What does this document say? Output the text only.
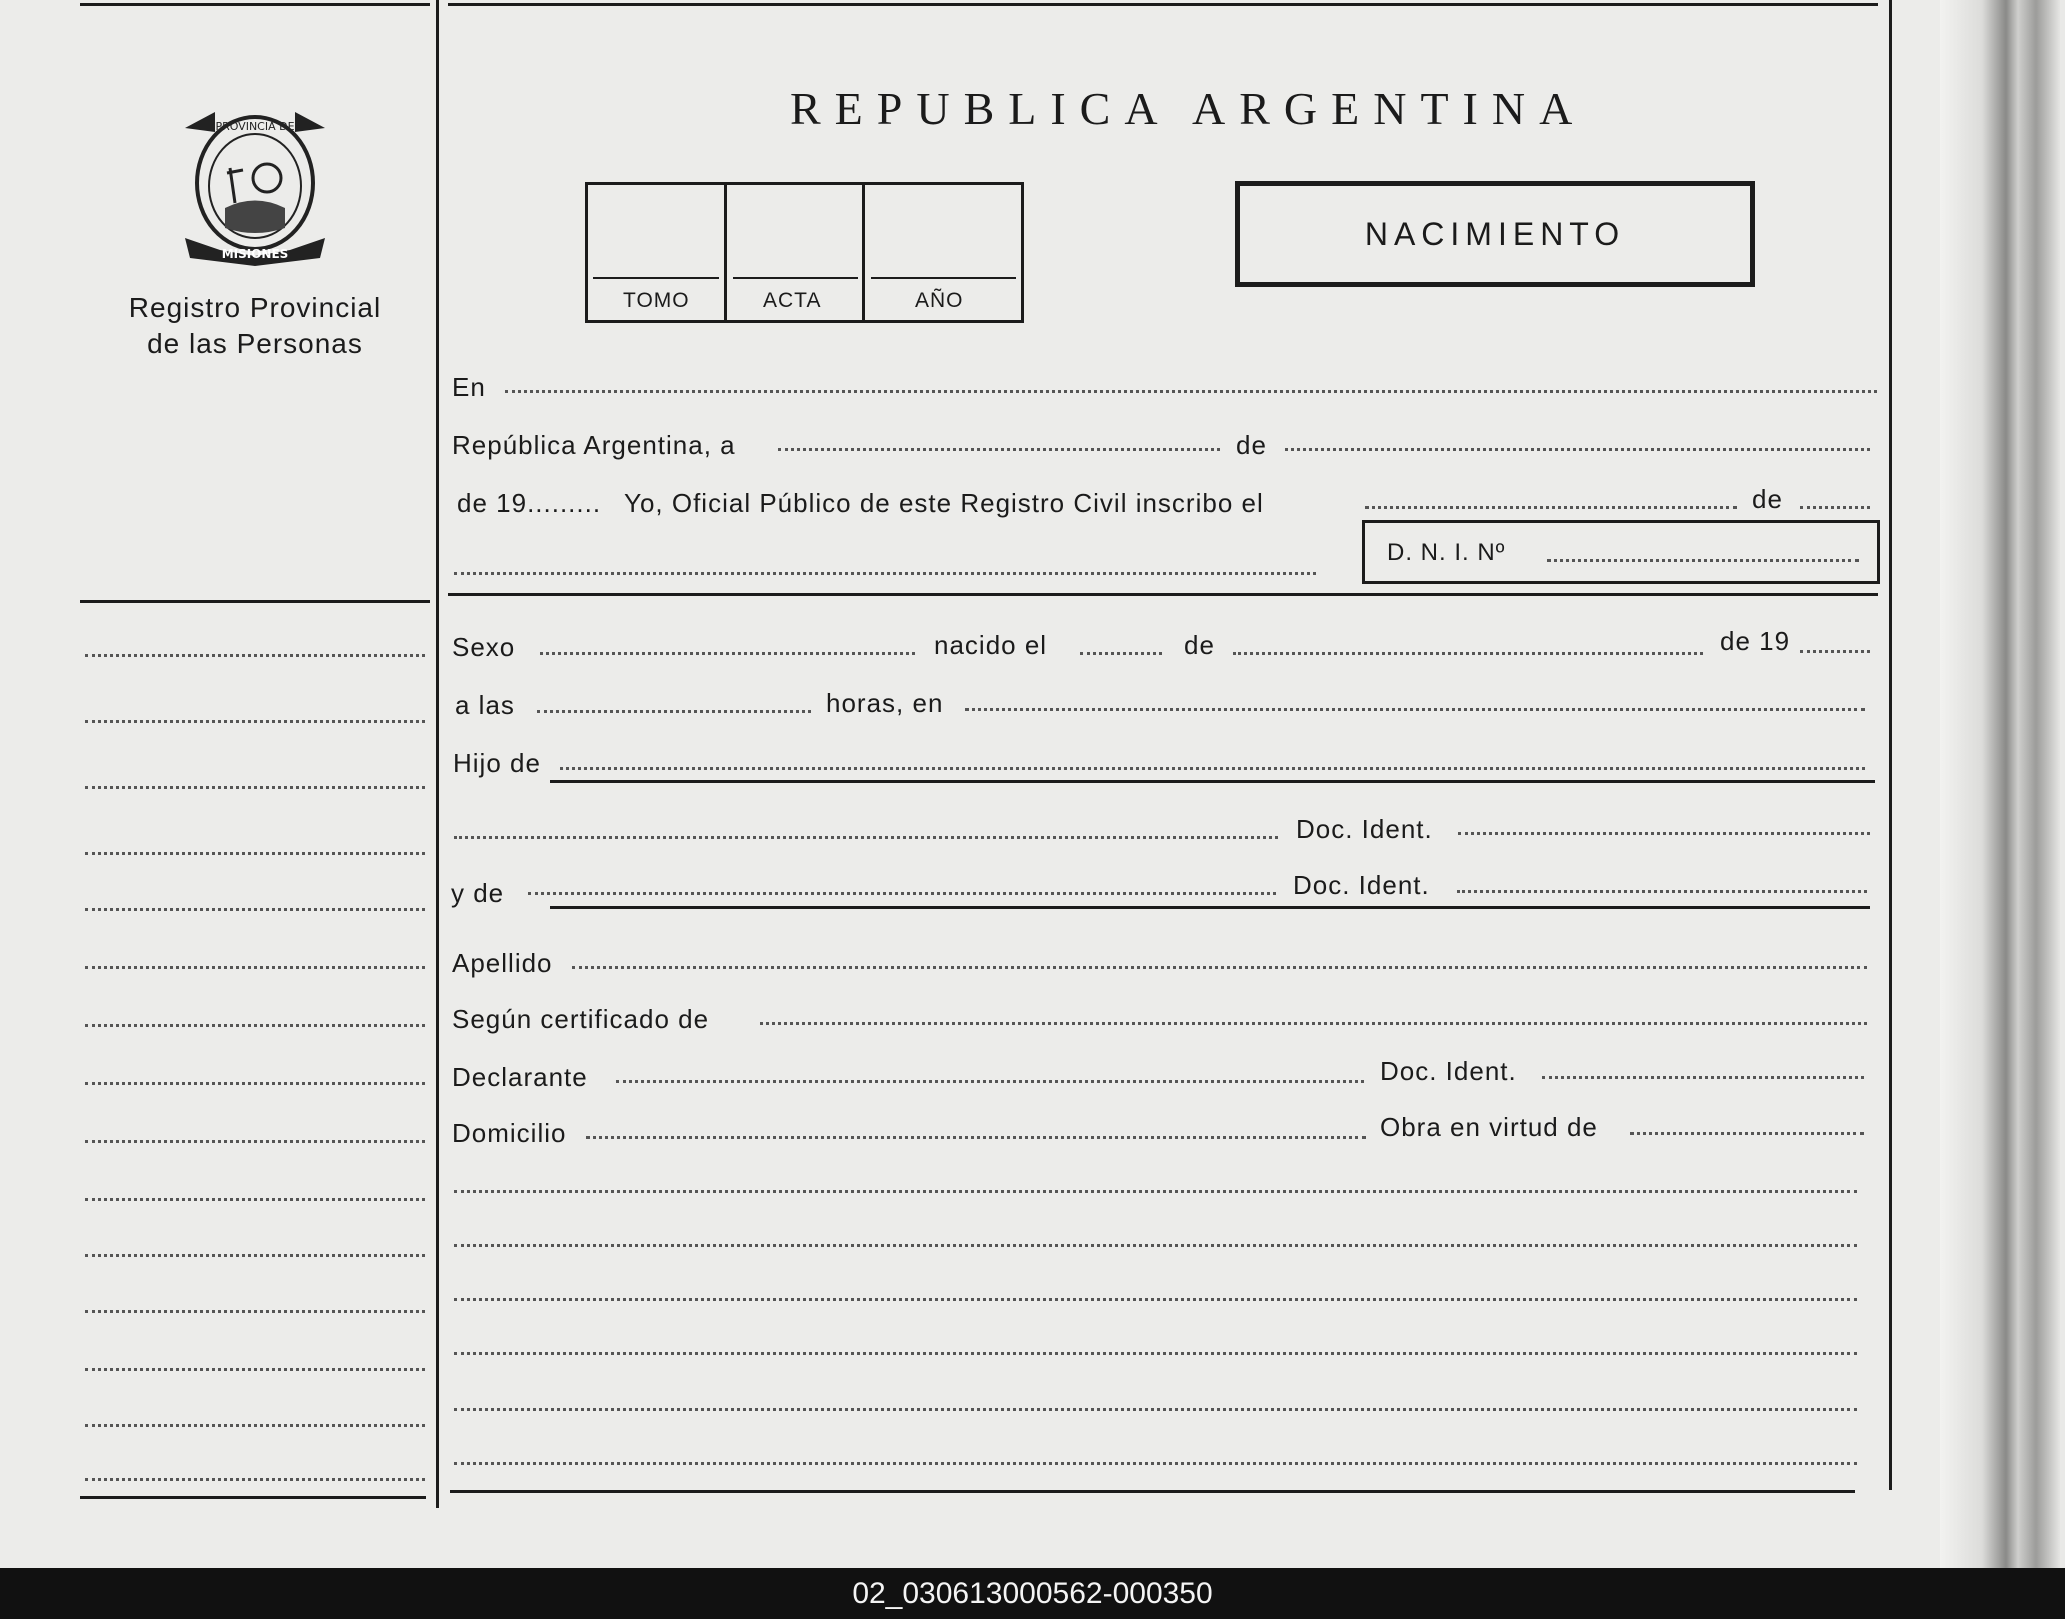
PROVINCIA DE
MISIONES
Registro Provincial
de las Personas
REPUBLICA ARGENTINA
TOMO	ACTA	AÑO
NACIMIENTO
En
República Argentina, a	de
de 19......... Yo, Oficial Público de este Registro Civil inscribo el	de
D. N. I. Nº
Sexo	nacido el	de	de 19
a las	horas, en
Hijo de
Doc. Ident.
y de	Doc. Ident.
Apellido
Según certificado de
Declarante	Doc. Ident.
Domicilio	Obra en virtud de
02_030613000562-000350
